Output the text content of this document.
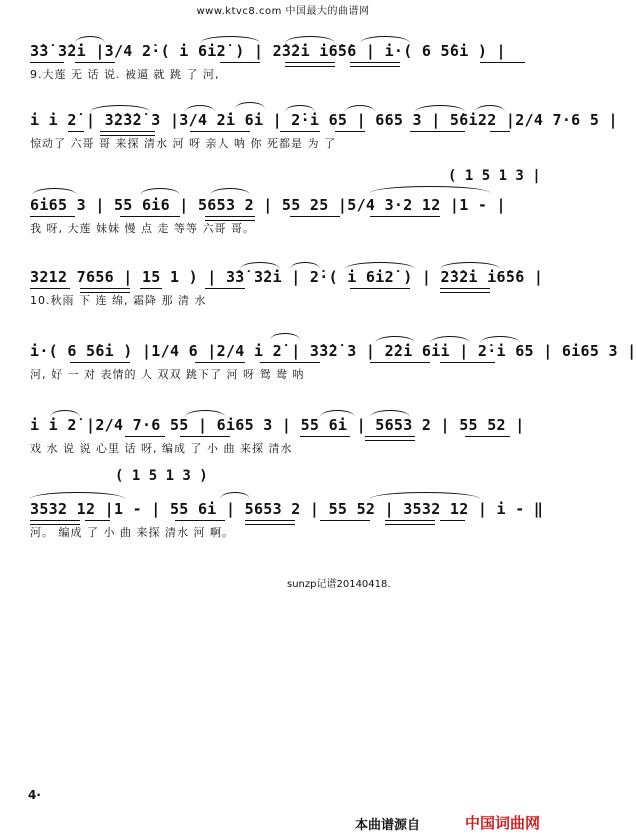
www.ktvc8.com 中国最大的曲谱网
3̇3̇ 3̇2̇i |3/4 2̇·( i 6i2̇ ) | 2̇3̇2̇i i6̇5̇6 | i·( 6 5̇6i ) |
9.大莲 无 话 说. 被逼 就 跳 了 河,
i i 2̇ | 3̇2̇3̇2̇ 3 |3/4 2̇i 6i | 2̇·i 65 | 665 3 | 5̇6i22 |2/4 7·6 5 |
惊动了 六哥 哥 来探 清水 河 呀 亲人 呐 你 死都是 为 了
( 1 5 1 3 |
6i65 3 | 55 6i6 | 5653 2 | 55 25 |5/4 3·2 12 |1 - |
我 呀, 大莲 妹妹 慢 点 走 等等 六哥 哥。
3212 7656 | 15 1 ) | 3̇3̇ 3̇2̇i | 2̇·( i 6i2̇ ) | 2̇3̇2̇i i6̇5̇6 |
10.秋雨 下 连 绵, 霜降 那 清 水
i·( 6 5̇6i ) |1/4 6 |2/4 i 2̇ | 3̇3̇2̇ 3 | 2̇2̇i 6ii | 2̇·i 65 | 6i65 3 |
河, 好 一 对 表情的 人 双双 跳下了 河 呀 鸳 鸯 呐
i i 2̇ |2/4 7·6 55 | 6i65 3 | 55 6i | 5653 2 | 55 52 |
戏 水 说 说 心里 话 呀, 编成 了 小 曲 来探 清水
( 1 5 1 3 )
3532 12 |1 - | 55 6i | 5653 2 | 55 52 | 3532 12 | i - ‖
河。 编成 了 小 曲 来探 清水 河 啊。
sunzp记谱20140418.
4·
本曲谱源自	中国词曲网
